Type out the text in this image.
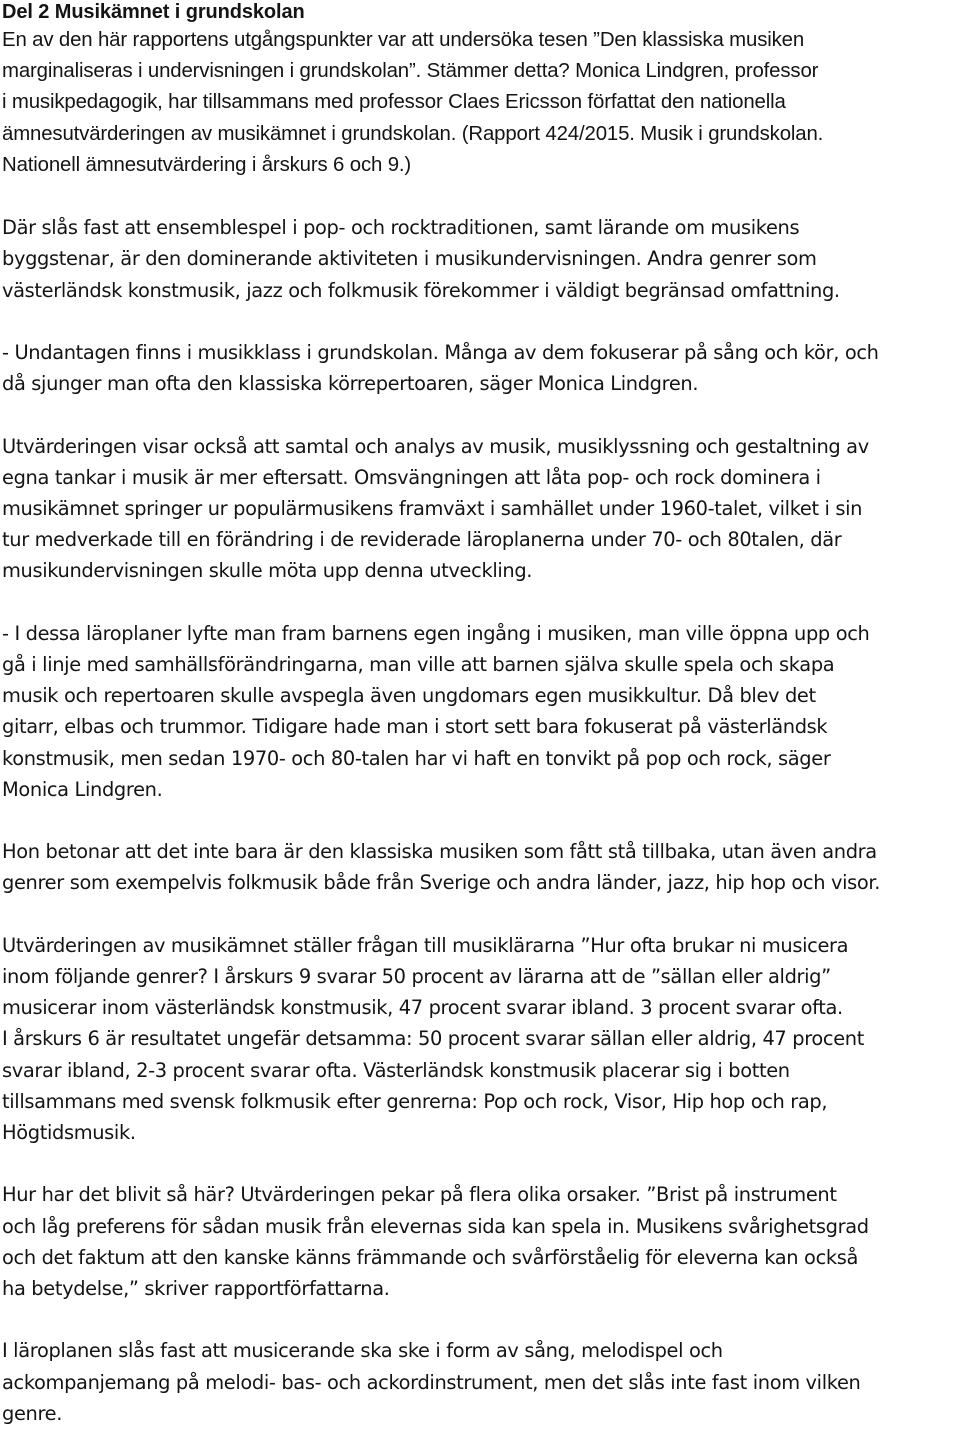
Del 2 Musikämnet i grundskolan
En av den här rapportens utgångspunkter var att undersöka tesen ”Den klassiska musiken
marginaliseras i undervisningen i grundskolan”. Stämmer detta? Monica Lindgren, professor
i musikpedagogik, har tillsammans med professor Claes Ericsson författat den nationella
ämnesutvärderingen av musikämnet i grundskolan. (Rapport 424/2015. Musik i grundskolan.
Nationell ämnesutvärdering i årskurs 6 och 9.)
Där slås fast att ensemblespel i pop- och rocktraditionen, samt lärande om musikens
byggstenar, är den dominerande aktiviteten i musikundervisningen. Andra genrer som
västerländsk konstmusik, jazz och folkmusik förekommer i väldigt begränsad omfattning.
- Undantagen finns i musikklass i grundskolan. Många av dem fokuserar på sång och kör, och
då sjunger man ofta den klassiska körrepertoaren, säger Monica Lindgren.
Utvärderingen visar också att samtal och analys av musik, musiklyssning och gestaltning av
egna tankar i musik är mer eftersatt. Omsvängningen att låta pop- och rock dominera i
musikämnet springer ur populärmusikens framväxt i samhället under 1960-talet, vilket i sin
tur medverkade till en förändring i de reviderade läroplanerna under 70- och 80talen, där
musikundervisningen skulle möta upp denna utveckling.
- I dessa läroplaner lyfte man fram barnens egen ingång i musiken, man ville öppna upp och
gå i linje med samhällsförändringarna, man ville att barnen själva skulle spela och skapa
musik och repertoaren skulle avspegla även ungdomars egen musikkultur. Då blev det
gitarr, elbas och trummor. Tidigare hade man i stort sett bara fokuserat på västerländsk
konstmusik, men sedan 1970- och 80-talen har vi haft en tonvikt på pop och rock, säger
Monica Lindgren.
Hon betonar att det inte bara är den klassiska musiken som fått stå tillbaka, utan även andra
genrer som exempelvis folkmusik både från Sverige och andra länder, jazz, hip hop och visor.
Utvärderingen av musikämnet ställer frågan till musiklärarna ”Hur ofta brukar ni musicera
inom följande genrer? I årskurs 9 svarar 50 procent av lärarna att de ”sällan eller aldrig”
musicerar inom västerländsk konstmusik, 47 procent svarar ibland. 3 procent svarar ofta.
I årskurs 6 är resultatet ungefär detsamma: 50 procent svarar sällan eller aldrig, 47 procent
svarar ibland, 2-3 procent svarar ofta. Västerländsk konstmusik placerar sig i botten
tillsammans med svensk folkmusik efter genrerna: Pop och rock, Visor, Hip hop och rap,
Högtidsmusik.
Hur har det blivit så här? Utvärderingen pekar på flera olika orsaker. ”Brist på instrument
och låg preferens för sådan musik från elevernas sida kan spela in. Musikens svårighetsgrad
och det faktum att den kanske känns främmande och svårförståelig för eleverna kan också
ha betydelse,” skriver rapportförfattarna.
I läroplanen slås fast att musicerande ska ske i form av sång, melodispel och
ackompanjemang på melodi- bas- och ackordinstrument, men det slås inte fast inom vilken
genre.
